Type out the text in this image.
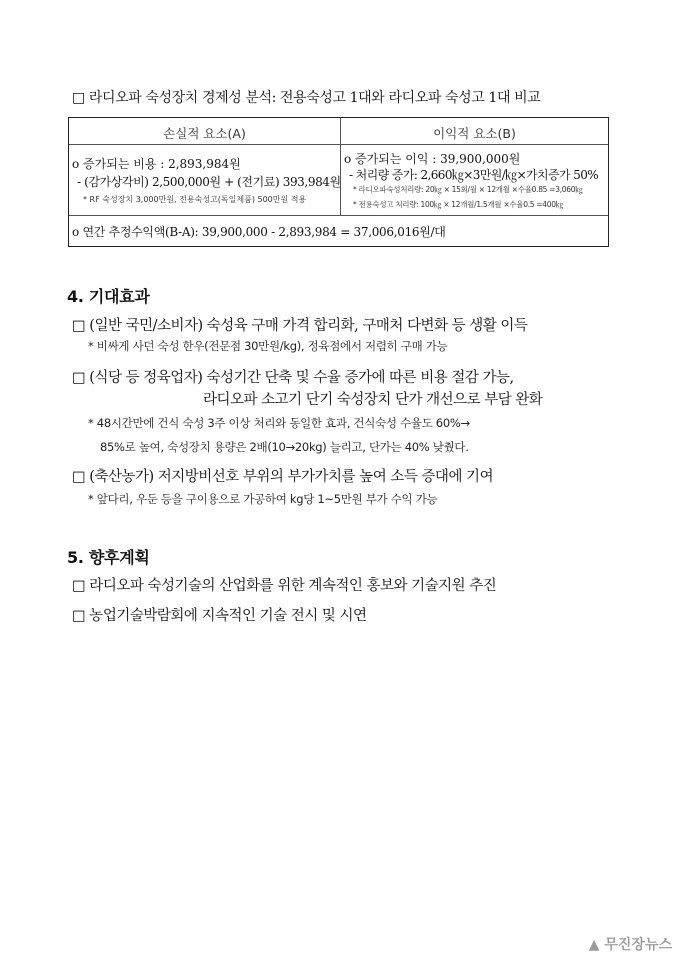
□ 라디오파 숙성장치 경제성 분석: 전용숙성고 1대와 라디오파 숙성고 1대 비교
손실적 요소(A)	이익적 요소(B)
o 증가되는 비용 : 2,893,984원
- (감가상각비) 2,500,000원 + (전기료) 393,984원
* RF 숙성장치 3,000만원, 전용숙성고(독일제품) 500만원 적용
o 증가되는 이익 : 39,900,000원
- 처리량 증가: 2,660㎏×3만원/㎏×가치증가 50%
* 라디오파숙성처리량: 20㎏ × 15회/월 × 12개월 ×수율0.85 =3,060㎏
* 전용숙성고 처리량: 100㎏ × 12개월/1.5개월 ×수율0.5 =400㎏
o 연간 추정수익액(B-A): 39,900,000 - 2,893,984 = 37,006,016원/대
4. 기대효과
□ (일반 국민/소비자) 숙성육 구매 가격 합리화, 구매처 다변화 등 생활 이득
* 비싸게 사던 숙성 한우(전문점 30만원/kg), 정육점에서 저렴히 구매 가능
□ (식당 등 정육업자) 숙성기간 단축 및 수율 증가에 따른 비용 절감 가능,
라디오파 소고기 단기 숙성장치 단가 개선으로 부담 완화
* 48시간만에 건식 숙성 3주 이상 처리와 동일한 효과, 건식숙성 수율도 60%→
85%로 높여, 숙성장치 용량은 2배(10→20kg) 늘리고, 단가는 40% 낮췄다.
□ (축산농가) 저지방비선호 부위의 부가가치를 높여 소득 증대에 기여
* 앞다리, 우둔 등을 구이용으로 가공하여 kg당 1~5만원 부가 수익 가능
5. 향후계획
□ 라디오파 숙성기술의 산업화를 위한 계속적인 홍보와 기술지원 추진
□ 농업기술박람회에 지속적인 기술 전시 및 시연
▲ 무진장뉴스
